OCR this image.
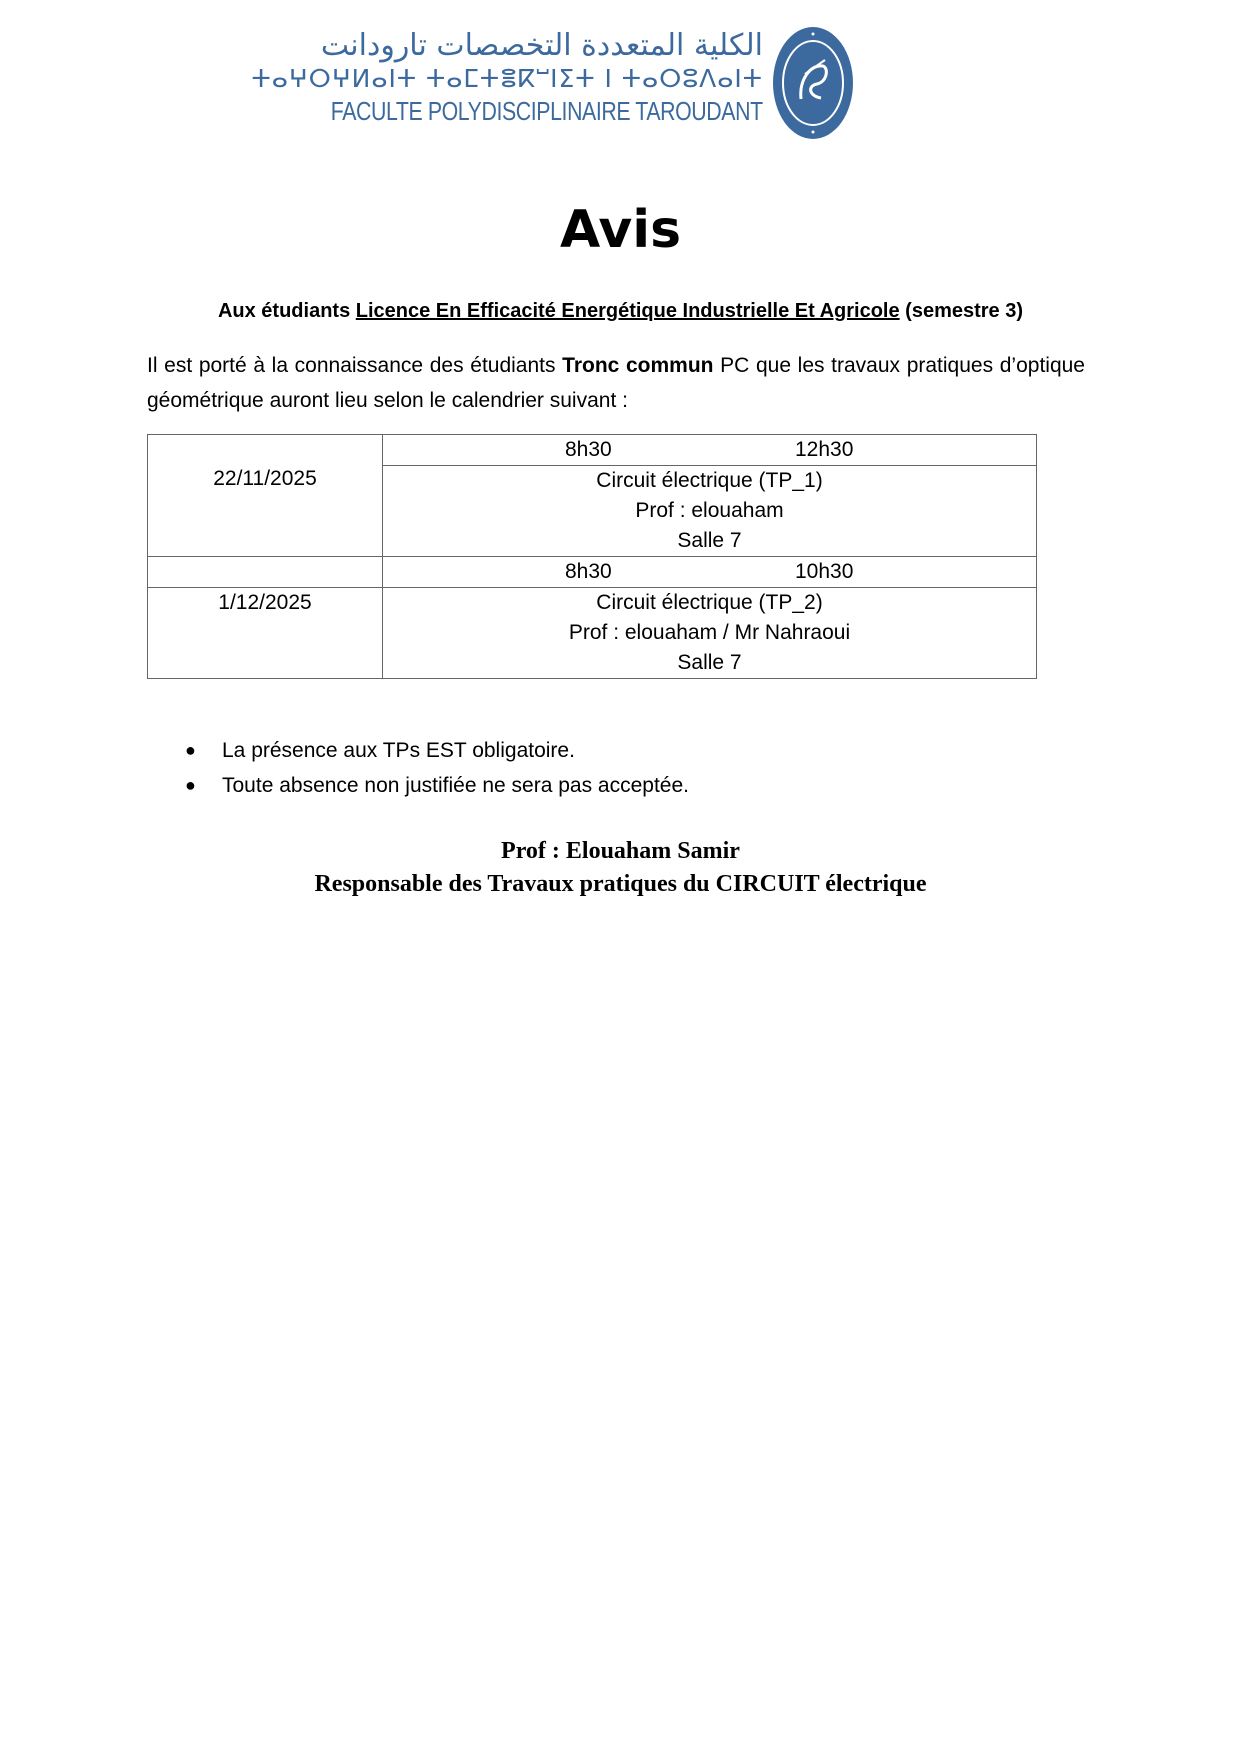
الكلية المتعددة التخصصات تارودانت
ⵜⴰⵖⵔⵖⵍⴰⵏⵜ ⵜⴰⵎⵜⴻⴽⵯⵏⵉⵜ ⵏ ⵜⴰⵔⵓⴷⴰⵏⵜ
FACULTE POLYDISCIPLINAIRE TAROUDANT
Avis
Aux étudiants Licence En Efficacité Energétique Industrielle Et Agricole (semestre 3)
Il est porté à la connaissance des étudiants Tronc commun PC que les travaux pratiques d’optique géométrique auront lieu selon le calendrier suivant :
22/11/2025	8h30 12h30

	Circuit électrique (TP_1)
Prof : elouaham
Salle 7

	8h30 10h30

1/12/2025	Circuit électrique (TP_2)
Prof : elouaham / Mr Nahraoui
Salle 7
● La présence aux TPs EST obligatoire.
● Toute absence non justifiée ne sera pas acceptée.
Prof : Elouaham Samir
Responsable des Travaux pratiques du CIRCUIT électrique
